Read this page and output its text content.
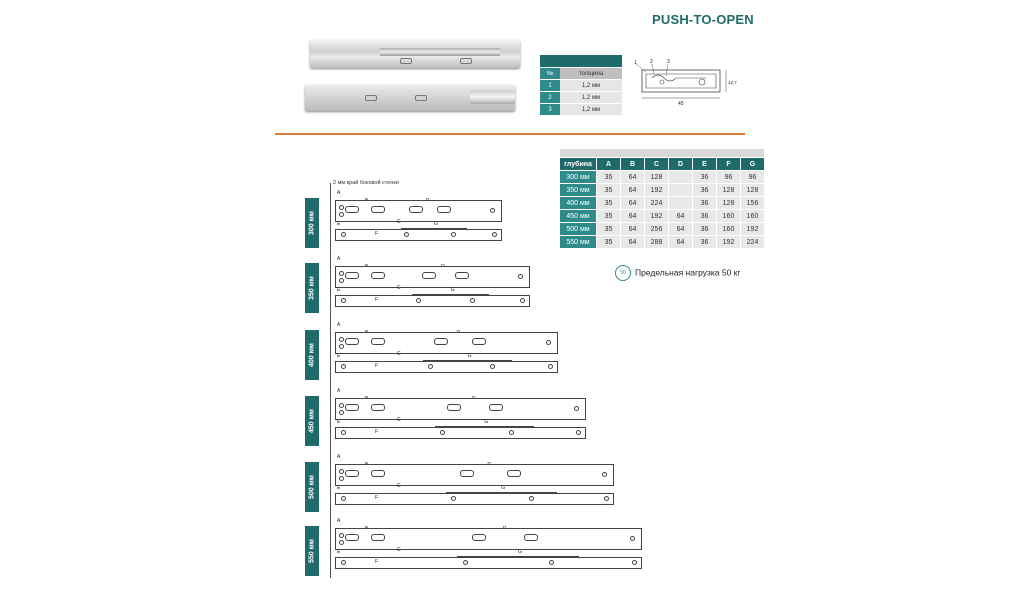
PUSH-TO-OPEN

№	толщина
1	1,2 мм
2	1,2 мм
3	1,2 мм
1	2	3
45
12,7

глубина	A	B	C	D	E	F	G
300 мм	35	64	128		36	96	96
350 мм	35	64	192		36	128	128
400 мм	35	64	224		36	128	156
450 мм	35	64	192	64	36	160	160
500 мм	35	64	256	64	36	160	192
550 мм	35	64	288	64	36	192	224
50 Предельная нагрузка 50 кг
2 мм край боковой стенки
300 мм
350 мм
400 мм
450 мм
500 мм
550 мм
A
C
E	G
F
A
C
E	G
F
A
C
E	G
F
A
C
E	G
F
A
C
E	G
F
A
C
E	G
F
